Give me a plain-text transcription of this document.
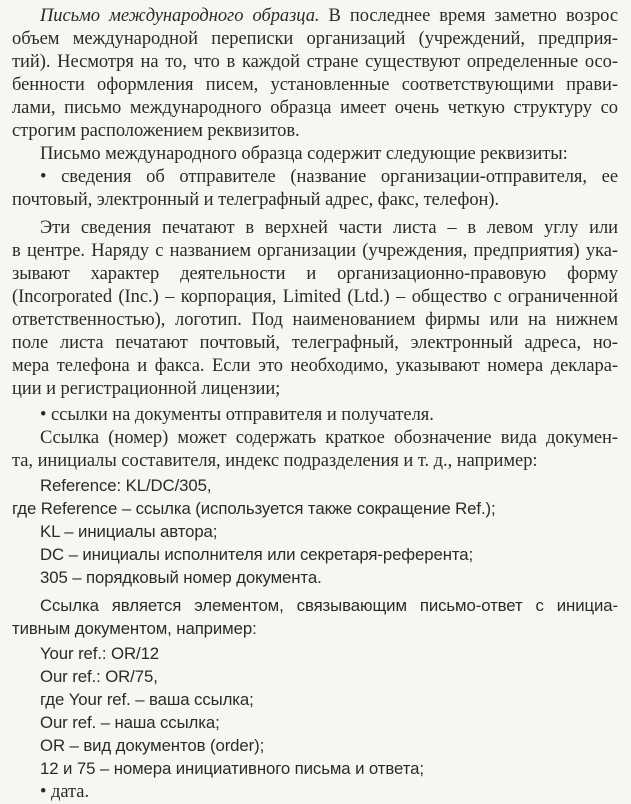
Письмо международного образца. В последнее время заметно возрос
объем международной переписки организаций (учреждений, предприя-
тий). Несмотря на то, что в каждой стране существуют определенные осо-
бенности оформления писем, установленные соответствующими прави-
лами, письмо международного образца имеет очень четкую структуру со
строгим расположением реквизитов.
Письмо международного образца содержит следующие реквизиты:
• сведения об отправителе (название организации-отправителя, ее
почтовый, электронный и телеграфный адрес, факс, телефон).
Эти сведения печатают в верхней части листа – в левом углу или
в центре. Наряду с названием организации (учреждения, предприятия) ука-
зывают характер деятельности и организационно-правовую форму
(Incorporated (Inc.) – корпорация, Limited (Ltd.) – общество с ограниченной
ответственностью), логотип. Под наименованием фирмы или на нижнем
поле листа печатают почтовый, телеграфный, электронный адреса, но-
мера телефона и факса. Если это необходимо, указывают номера деклара-
ции и регистрационной лицензии;
• ссылки на документы отправителя и получателя.
Ссылка (номер) может содержать краткое обозначение вида докумен-
та, инициалы составителя, индекс подразделения и т. д., например:
Reference: KL/DC/305,
где Reference – ссылка (используется также сокращение Ref.);
KL – инициалы автора;
DC – инициалы исполнителя или секретаря-референта;
305 – порядковый номер документа.
Ссылка является элементом, связывающим письмо-ответ с инициа-
тивным документом, например:
Your ref.: OR/12
Our ref.: OR/75,
где Your ref. – ваша ссылка;
Our ref. – наша ссылка;
OR – вид документов (order);
12 и 75 – номера инициативного письма и ответа;
• дата.
